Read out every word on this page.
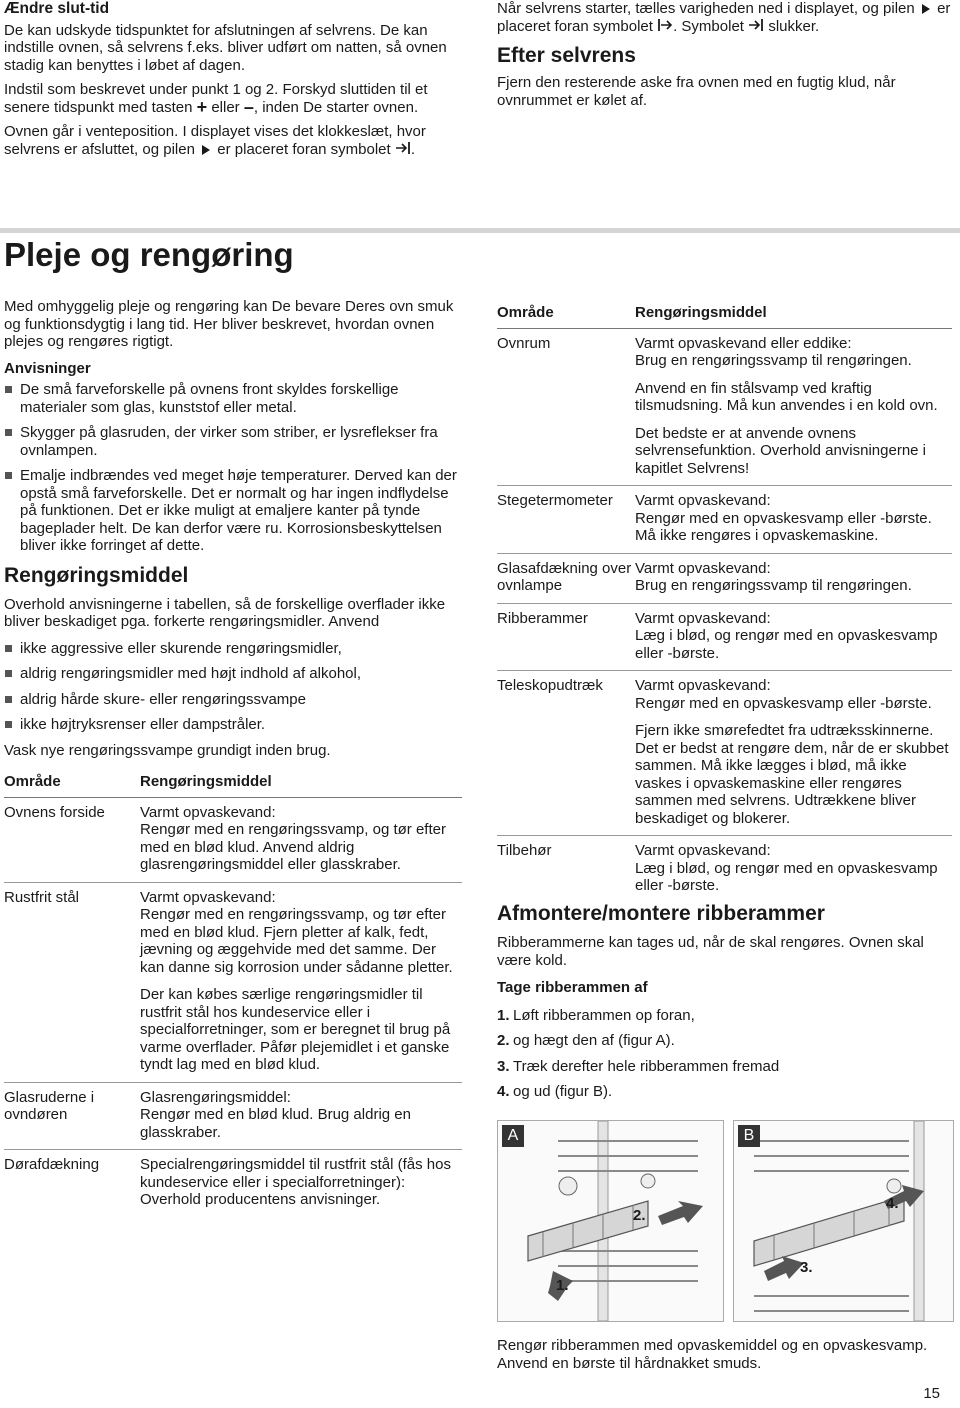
Ændre slut-tid

De kan udskyde tidspunktet for afslutningen af selvrens. De kan indstille ovnen, så selvrens f.eks. bliver udført om natten, så ovnen stadig kan benyttes i løbet af dagen.

Indstil som beskrevet under punkt 1 og 2. Forskyd sluttiden til et senere tidspunkt med tasten + eller –, inden De starter ovnen.

Ovnen går i venteposition. I displayet vises det klokkeslæt, hvor selvrens er afsluttet, og pilen er placeret foran symbolet .

Når selvrens starter, tælles varigheden ned i displayet, og pilen er placeret foran symbolet . Symbolet slukker.

Efter selvrens

Fjern den resterende aske fra ovnen med en fugtig klud, når ovnrummet er kølet af.

Pleje og rengøring

Med omhyggelig pleje og rengøring kan De bevare Deres ovn smuk og funktionsdygtig i lang tid. Her bliver beskrevet, hvordan ovnen plejes og rengøres rigtigt.

Anvisninger
De små farveforskelle på ovnens front skyldes forskellige materialer som glas, kunststof eller metal.
Skygger på glasruden, der virker som striber, er lysreflekser fra ovnlampen.
Emalje indbrændes ved meget høje temperaturer. Derved kan der opstå små farveforskelle. Det er normalt og har ingen indflydelse på funktionen. Det er ikke muligt at emaljere kanter på tynde bageplader helt. De kan derfor være ru. Korrosionsbeskyttelsen bliver ikke forringet af dette.
Rengøringsmiddel

Overhold anvisningerne i tabellen, så de forskellige overflader ikke bliver beskadiget pga. forkerte rengøringsmidler. Anvend

ikke aggressive eller skurende rengøringsmidler,
aldrig rengøringsmidler med højt indhold af alkohol,
aldrig hårde skure- eller rengøringssvampe
ikke højtryksrenser eller dampstråler.

Vask nye rengøringssvampe grundigt inden brug.

Område	Rengøringsmiddel
Ovnens forside	Varmt opvaskevand:
Rengør med en rengøringssvamp, og tør efter med en blød klud. Anvend aldrig glasrengøringsmiddel eller glasskraber.

Rustfrit stål	Varmt opvaskevand:
Rengør med en rengøringssvamp, og tør efter med en blød klud. Fjern pletter af kalk, fedt, jævning og æggehvide med det samme. Der kan danne sig korrosion under sådanne pletter.
Der kan købes særlige rengøringsmidler til rustfrit stål hos kundeservice eller i specialforretninger, som er beregnet til brug på varme overflader. Påfør plejemidlet i et ganske tyndt lag med en blød klud.

Glasruderne i ovndøren	Glasrengøringsmiddel:
Rengør med en blød klud. Brug aldrig en glasskraber.

Dørafdækning	Specialrengøringsmiddel til rustfrit stål (fås hos kundeservice eller i specialforretninger):
Overhold producentens anvisninger.
Område	Rengøringsmiddel
Ovnrum	Varmt opvaskevand eller eddike:
Brug en rengøringssvamp til rengøringen.
Anvend en fin stålsvamp ved kraftig tilsmudsning. Må kun anvendes i en kold ovn.
Det bedste er at anvende ovnens selvrensefunktion. Overhold anvisningerne i kapitlet Selvrens!

Stegetermometer	Varmt opvaskevand:
Rengør med en opvaskesvamp eller -børste. Må ikke rengøres i opvaskemaskine.

Glasafdækning over ovnlampe	Varmt opvaskevand:
Brug en rengøringssvamp til rengøringen.

Ribberammer	Varmt opvaskevand:
Læg i blød, og rengør med en opvaskesvamp eller -børste.

Teleskopudtræk	Varmt opvaskevand:
Rengør med en opvaskesvamp eller -børste.
Fjern ikke smørefedtet fra udtræksskinnerne. Det er bedst at rengøre dem, når de er skubbet sammen. Må ikke lægges i blød, må ikke vaskes i opvaskemaskine eller rengøres sammen med selvrens. Udtrækkene bliver beskadiget og blokerer.

Tilbehør	Varmt opvaskevand:
Læg i blød, og rengør med en opvaskesvamp eller -børste.
Afmontere/montere ribberammer

Ribberammerne kan tages ud, når de skal rengøres. Ovnen skal være kold.

Tage ribberammen af
1. Løft ribberammen op foran,
2. og hægt den af (figur A).
3. Træk derefter hele ribberammen fremad
4. og ud (figur B).
A
1.
2.
B
3.
4.

Rengør ribberammen med opvaskemiddel og en opvaskesvamp. Anvend en børste til hårdnakket smuds.

15
